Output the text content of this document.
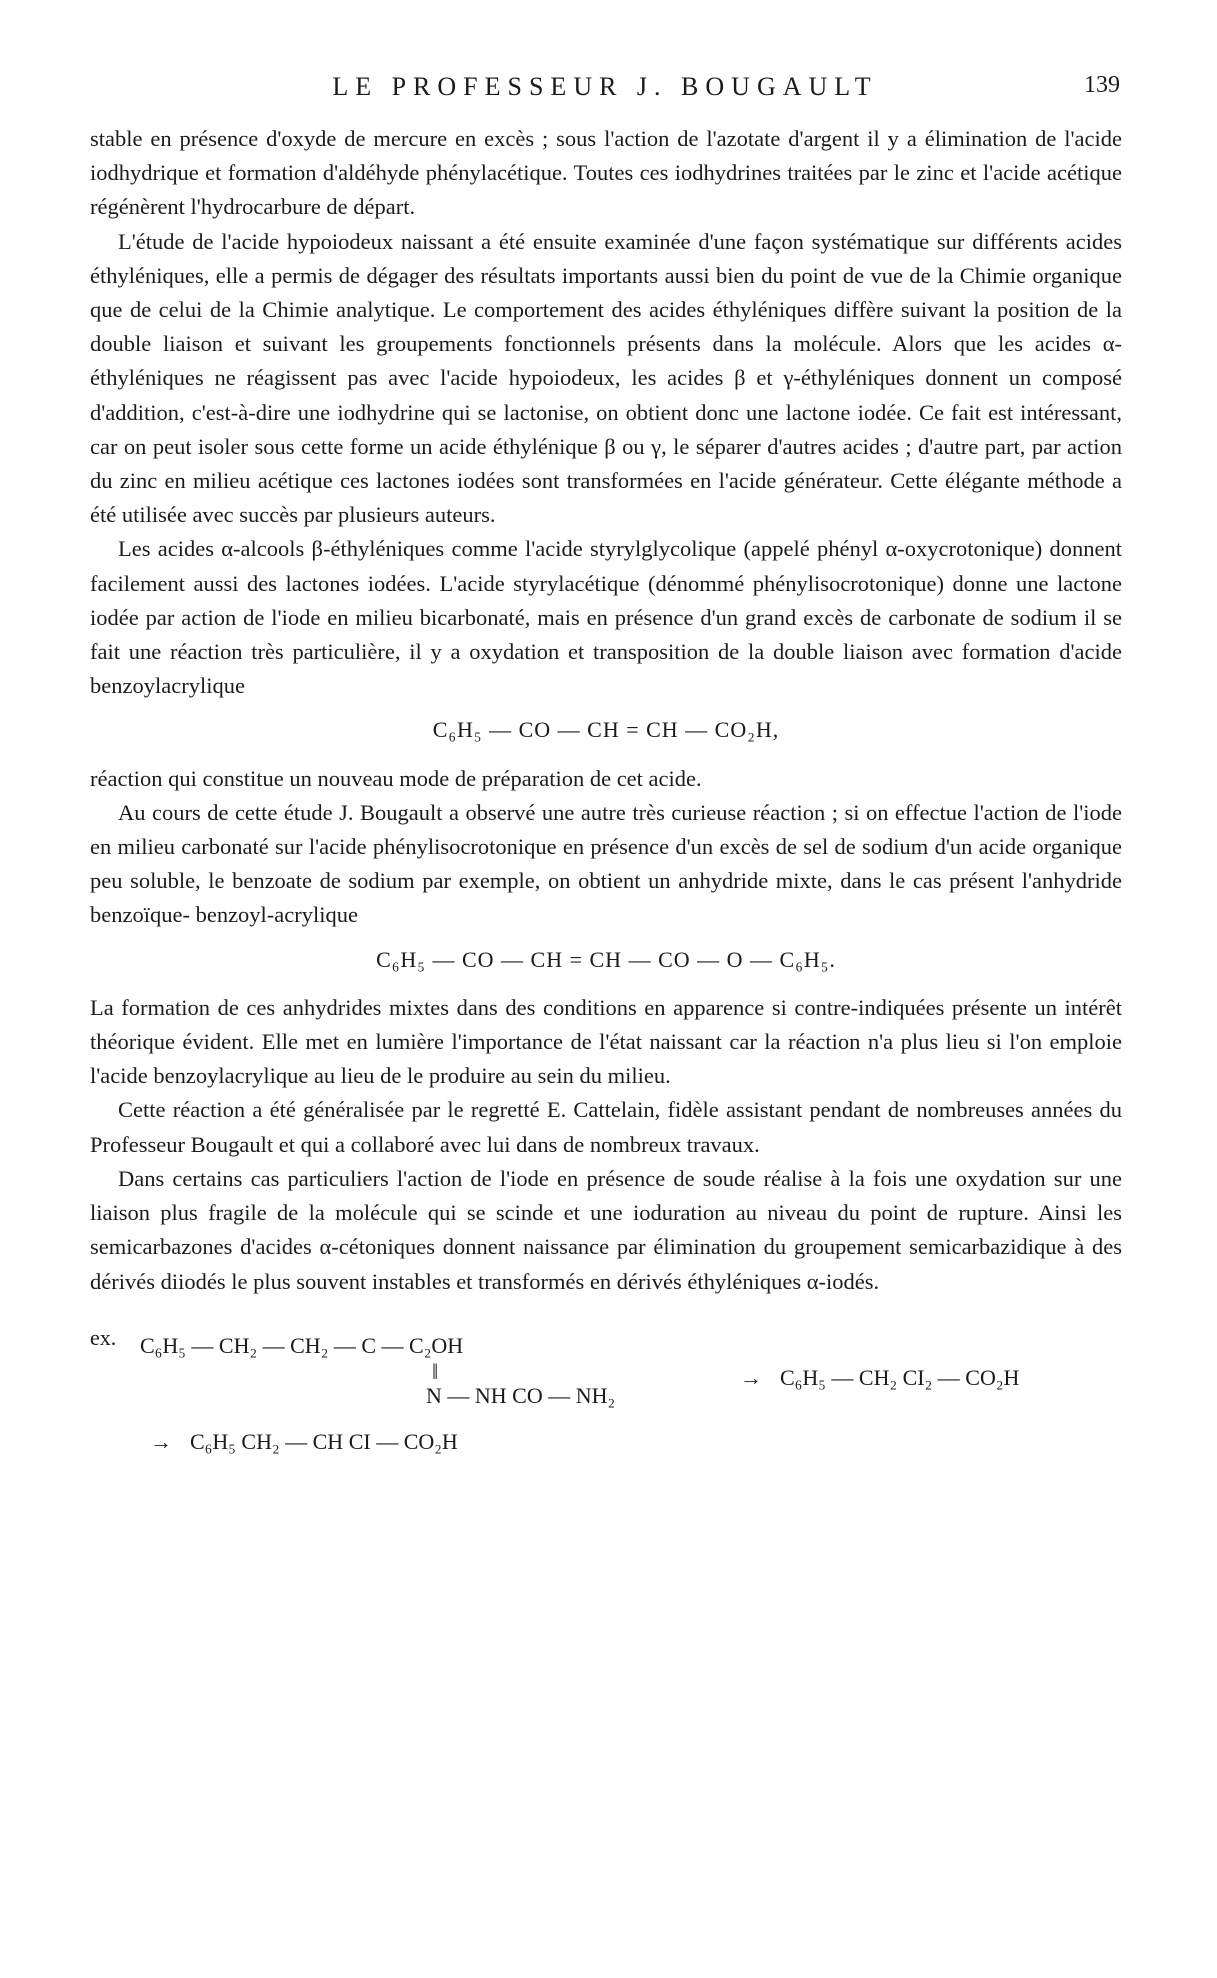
LE PROFESSEUR J. BOUGAULT	139

stable en présence d'oxyde de mercure en excès ; sous l'action de l'azotate d'argent il y a élimination de l'acide iodhydrique et formation d'aldéhyde phénylacétique. Toutes ces iodhydrines traitées par le zinc et l'acide acétique régénèrent l'hydrocarbure de départ.

L'étude de l'acide hypoiodeux naissant a été ensuite examinée d'une façon systématique sur différents acides éthyléniques, elle a permis de dégager des résultats importants aussi bien du point de vue de la Chimie organique que de celui de la Chimie analytique. Le comportement des acides éthyléniques diffère suivant la position de la double liaison et suivant les groupements fonctionnels présents dans la molécule. Alors que les acides α-éthyléniques ne réagissent pas avec l'acide hypoiodeux, les acides β et γ-éthyléniques donnent un composé d'addition, c'est-à-dire une iodhydrine qui se lactonise, on obtient donc une lactone iodée. Ce fait est intéressant, car on peut isoler sous cette forme un acide éthylénique β ou γ, le séparer d'autres acides ; d'autre part, par action du zinc en milieu acétique ces lactones iodées sont transformées en l'acide générateur. Cette élégante méthode a été utilisée avec succès par plusieurs auteurs.

Les acides α-alcools β-éthyléniques comme l'acide styrylglycolique (appelé phényl α-oxycrotonique) donnent facilement aussi des lactones iodées. L'acide styrylacétique (dénommé phénylisocrotonique) donne une lactone iodée par action de l'iode en milieu bicarbonaté, mais en présence d'un grand excès de carbonate de sodium il se fait une réaction très particulière, il y a oxydation et transposition de la double liaison avec formation d'acide benzoylacrylique

C₆H₅ — CO — CH = CH — CO₂H,

réaction qui constitue un nouveau mode de préparation de cet acide.

Au cours de cette étude J. Bougault a observé une autre très curieuse réaction ; si on effectue l'action de l'iode en milieu carbonaté sur l'acide phénylisocrotonique en présence d'un excès de sel de sodium d'un acide organique peu soluble, le benzoate de sodium par exemple, on obtient un anhydride mixte, dans le cas présent l'anhydride benzoïque- benzoyl-acrylique

C₆H₅ — CO — CH = CH — CO — O — C₆H₅.

La formation de ces anhydrides mixtes dans des conditions en apparence si contre-indiquées présente un intérêt théorique évident. Elle met en lumière l'importance de l'état naissant car la réaction n'a plus lieu si l'on emploie l'acide benzoylacrylique au lieu de le produire au sein du milieu.

Cette réaction a été généralisée par le regretté E. Cattelain, fidèle assistant pendant de nombreuses années du Professeur Bougault et qui a collaboré avec lui dans de nombreux travaux.

Dans certains cas particuliers l'action de l'iode en présence de soude réalise à la fois une oxydation sur une liaison plus fragile de la molécule qui se scinde et une ioduration au niveau du point de rupture. Ainsi les semicarbazones d'acides α-cétoniques donnent naissance par élimination du groupement semicarbazidique à des dérivés diiodés le plus souvent instables et transformés en dérivés éthyléniques α-iodés.

ex. C₆H₅ — CH₂ — CH₂ — C — C₂OH
‖
N — NH CO — NH₂
→ C₆H₅ — CH₂ CI₂ — CO₂H
→ C₆H₅ CH₂ — CH CI — CO₂H
